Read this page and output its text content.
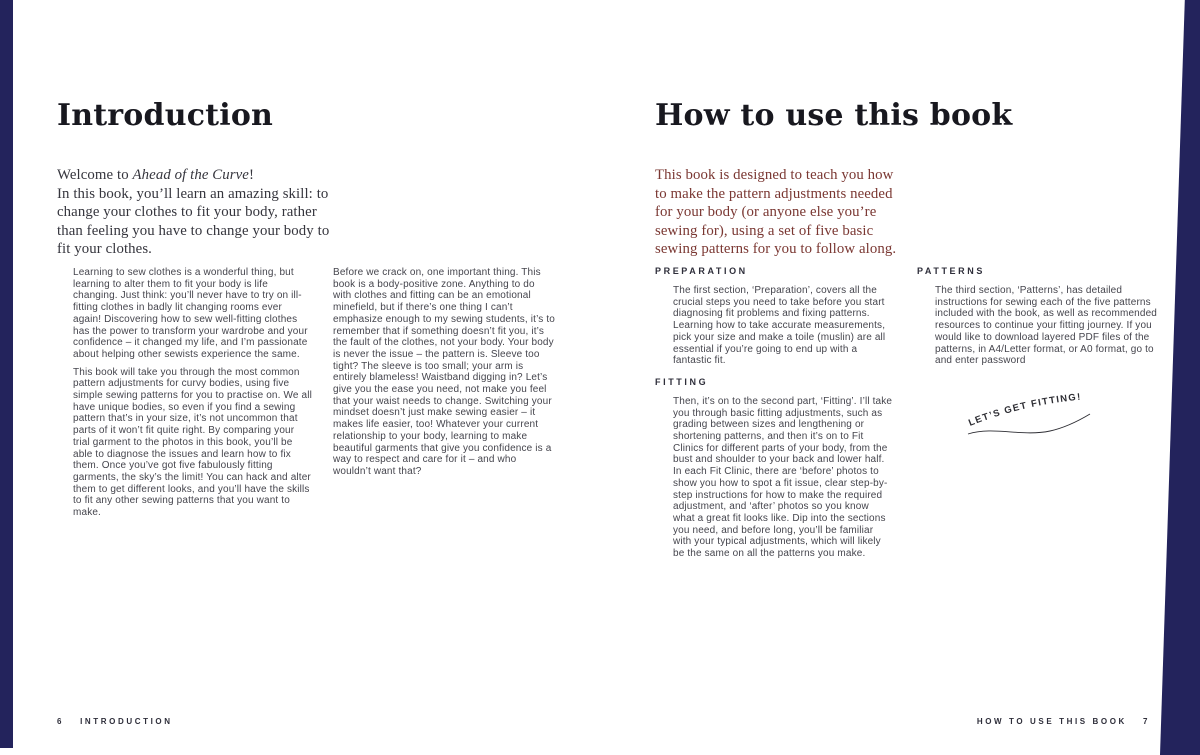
Introduction

Welcome to Ahead of the Curve!
In this book, you’ll learn an amazing skill: to change your clothes to fit your body, rather than feeling you have to change your body to fit your clothes.

Learning to sew clothes is a wonderful thing, but learning to alter them to fit your body is life changing. Just think: you’ll never have to try on ill-fitting clothes in badly lit changing rooms ever again! Discovering how to sew well-fitting clothes has the power to transform your wardrobe and your confidence – it changed my life, and I’m passionate about helping other sewists experience the same.

This book will take you through the most common pattern adjustments for curvy bodies, using five simple sewing patterns for you to practise on. We all have unique bodies, so even if you find a sewing pattern that’s in your size, it’s not uncommon that parts of it won’t fit quite right. By comparing your trial garment to the photos in this book, you’ll be able to diagnose the issues and learn how to fix them. Once you’ve got five fabulously fitting garments, the sky’s the limit! You can hack and alter them to get different looks, and you’ll have the skills to fit any other sewing patterns that you want to make.

Before we crack on, one important thing. This book is a body-positive zone. Anything to do with clothes and fitting can be an emotional minefield, but if there’s one thing I can’t emphasize enough to my sewing students, it’s to remember that if something doesn’t fit you, it’s the fault of the clothes, not your body. Your body is never the issue – the pattern is. Sleeve too tight? The sleeve is too small; your arm is entirely blameless! Waistband digging in? Let’s give you the ease you need, not make you feel that your waist needs to change. Switching your mindset doesn’t just make sewing easier – it makes life easier, too! Whatever your current relationship to your body, learning to make beautiful garments that give you confidence is a way to respect and care for it – and who wouldn’t want that?

6 INTRODUCTION
How to use this book

This book is designed to teach you how to make the pattern adjustments needed for your body (or anyone else you’re sewing for), using a set of five basic sewing patterns for you to follow along.

PREPARATION

The first section, ‘Preparation’, covers all the crucial steps you need to take before you start diagnosing fit problems and fixing patterns. Learning how to take accurate measurements, pick your size and make a toile (muslin) are all essential if you’re going to end up with a fantastic fit.

FITTING

Then, it’s on to the second part, ‘Fitting’. I’ll take you through basic fitting adjustments, such as grading between sizes and lengthening or shortening patterns, and then it’s on to Fit Clinics for different parts of your body, from the bust and shoulder to your back and lower half. In each Fit Clinic, there are ‘before’ photos to show you how to spot a fit issue, clear step-by-step instructions for how to make the required adjustment, and ‘after’ photos so you know what a great fit looks like. Dip into the sections you need, and before long, you’ll be familiar with your typical adjustments, which will likely be the same on all the patterns you make.

PATTERNS

The third section, ‘Patterns’, has detailed instructions for sewing each of the five patterns included with the book, as well as recommended resources to continue your fitting journey. If you would like to download layered PDF files of the patterns, in A4/Letter format, or A0 format, go to

and enter password

LET’S GET FITTING!
HOW TO USE THIS BOOK 7
